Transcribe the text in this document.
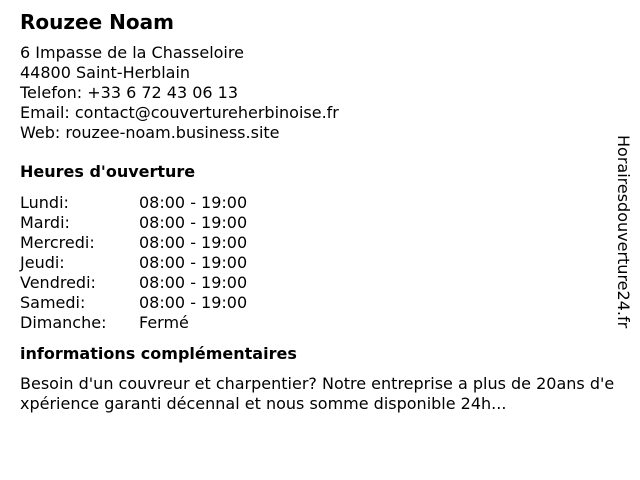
Rouzee Noam
6 Impasse de la Chasseloire
44800 Saint-Herblain
Telefon: +33 6 72 43 06 13
Email: contact@couvertureherbinoise.fr
Web: rouzee-noam.business.site
Heures d'ouverture
Lundi:	08:00 - 19:00
Mardi:	08:00 - 19:00
Mercredi:	08:00 - 19:00
Jeudi:	08:00 - 19:00
Vendredi:	08:00 - 19:00
Samedi:	08:00 - 19:00
Dimanche:	Fermé
informations complémentaires
Besoin d'un couvreur et charpentier? Notre entreprise a plus de 20ans d'expérience garanti décennal et nous somme disponible 24h...
Horairesdouverture24.fr
